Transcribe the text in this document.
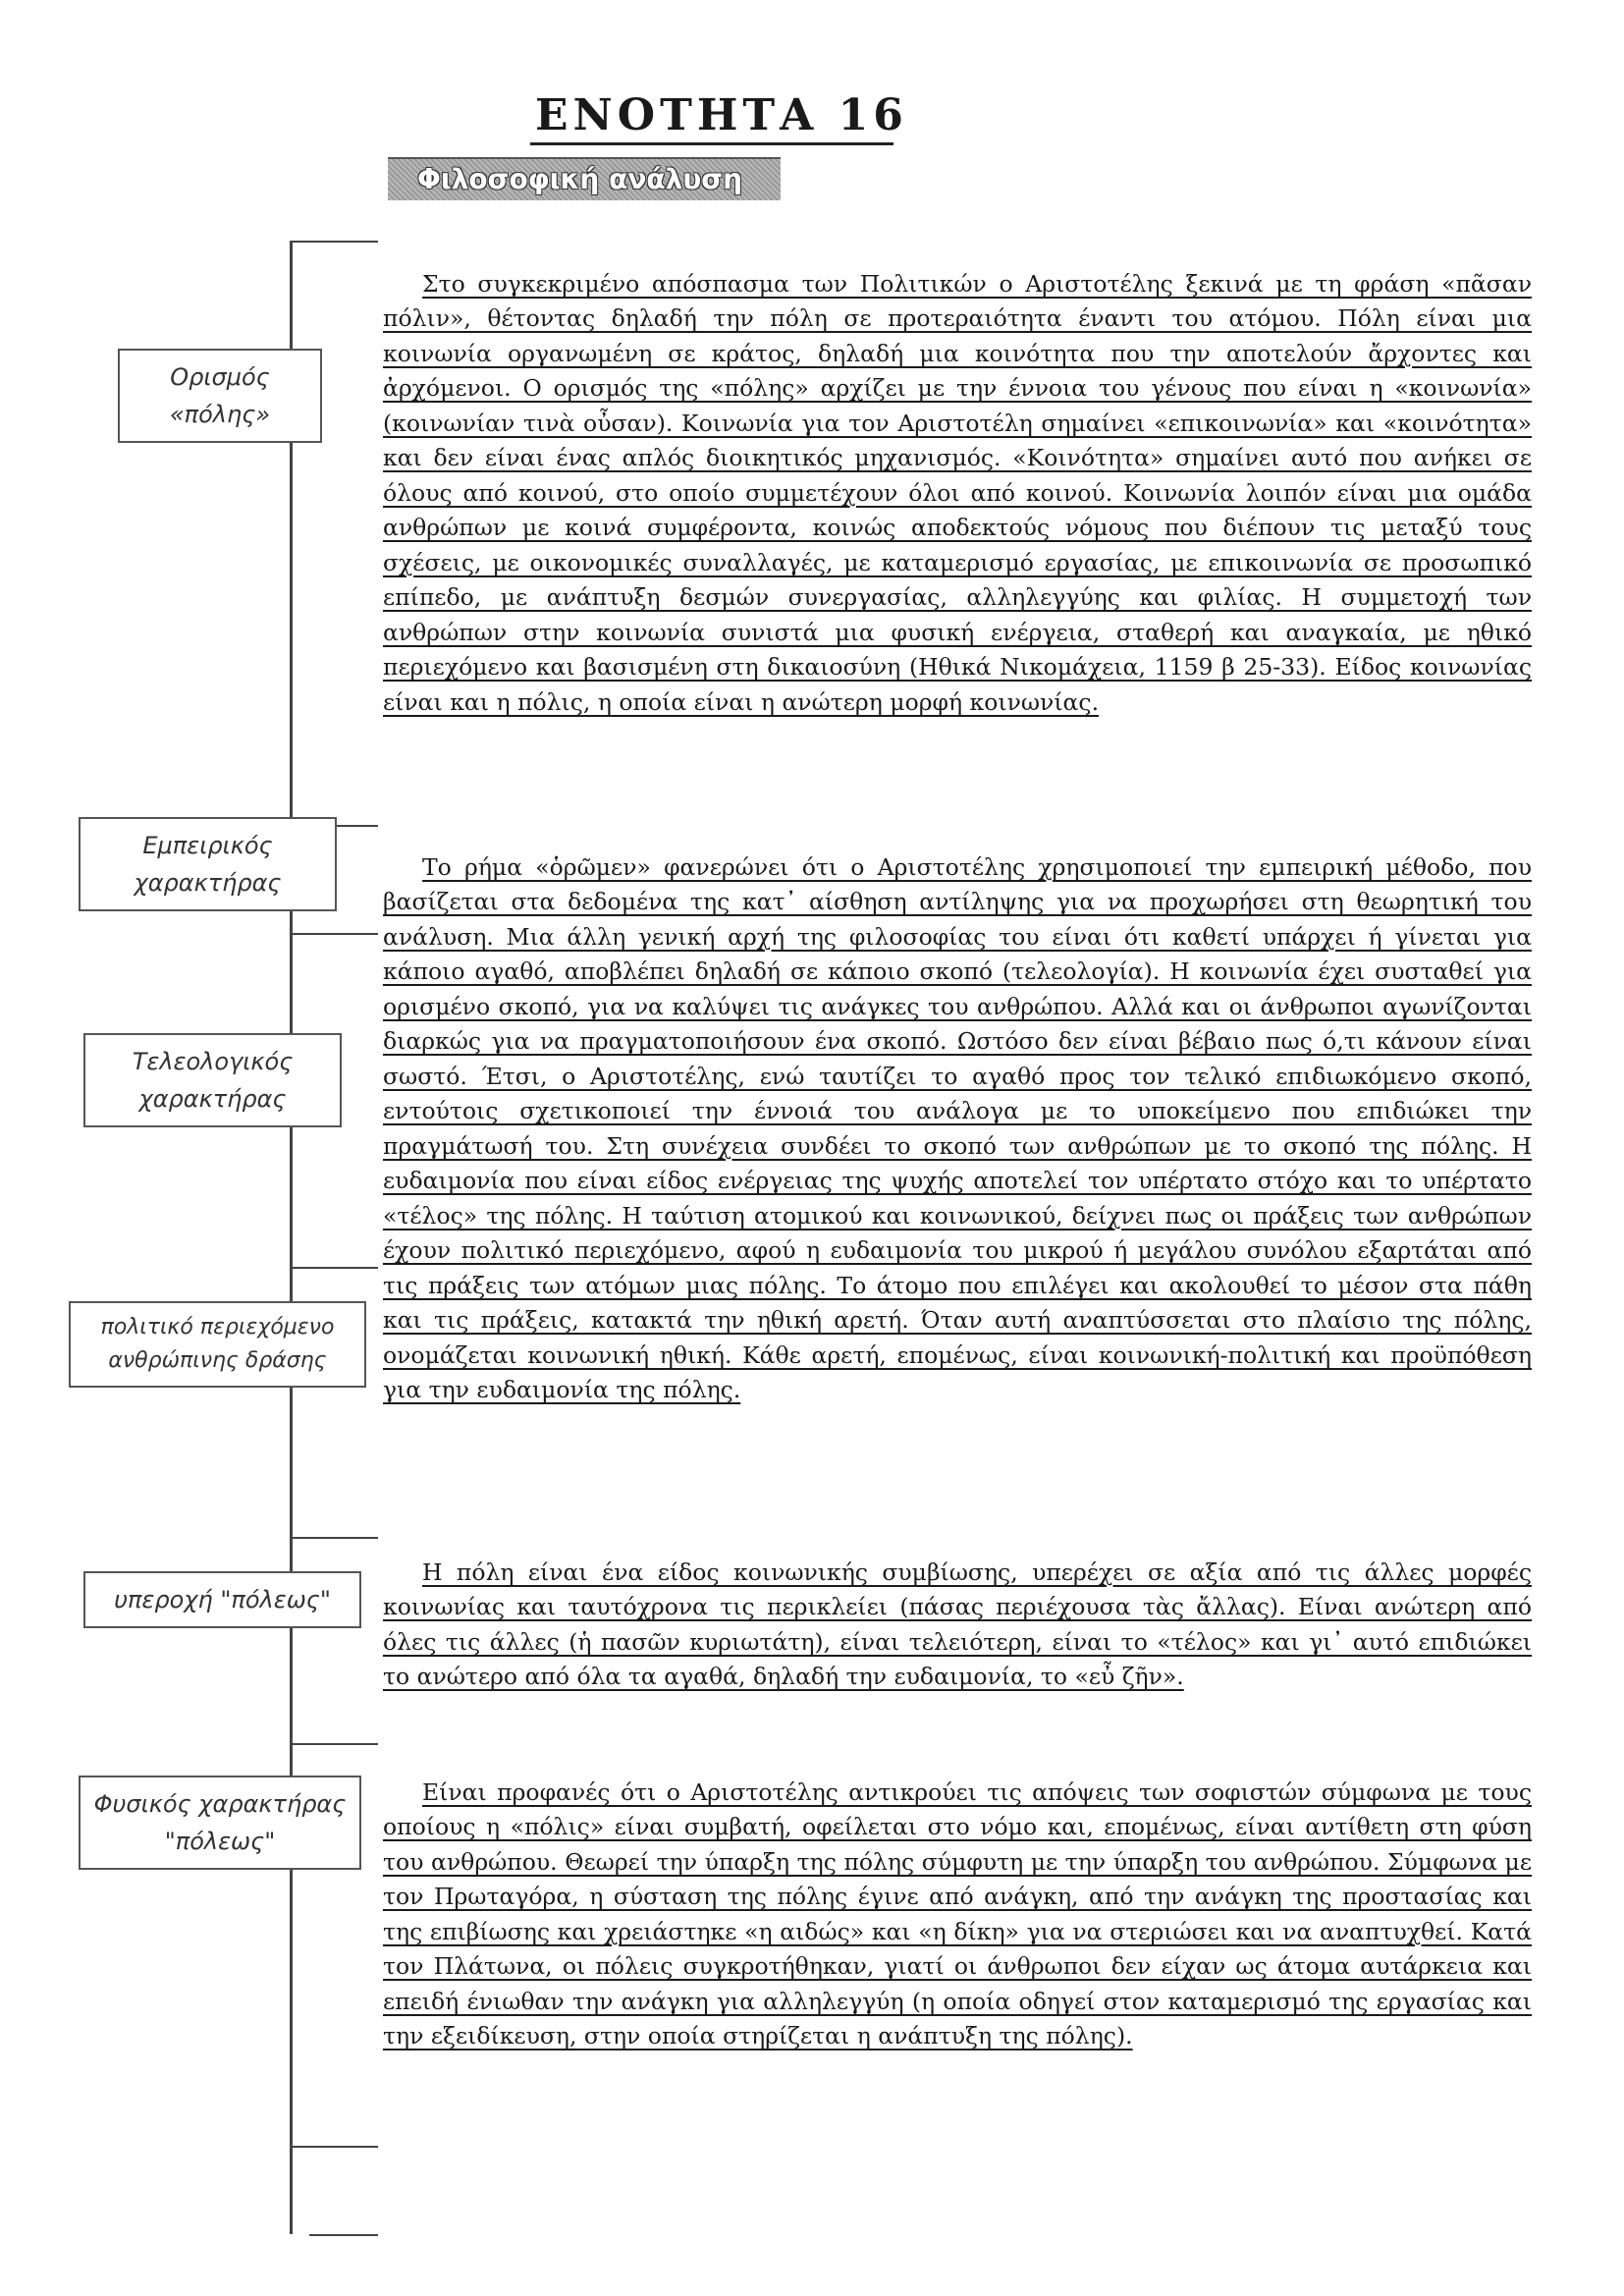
ΕΝΟΤΗΤΑ 16
Φιλοσοφική ανάλυση
Ορισμός «πόλης»
Εμπειρικός χαρακτήρας
Τελεολογικός χαρακτήρας
πολιτικό περιεχόμενο ανθρώπινης δράσης
υπεροχή "πόλεως"
Φυσικός χαρακτήρας "πόλεως"

Στο συγκεκριμένο απόσπασμα των Πολιτικών ο Αριστοτέλης ξεκινά με τη φράση «πᾶσαν πόλιν», θέτοντας δηλαδή την πόλη σε προτεραιότητα έναντι του ατόμου. Πόλη είναι μια κοινωνία οργανωμένη σε κράτος, δηλαδή μια κοινότητα που την αποτελούν ἄρχοντες και ἀρχόμενοι. Ο ορισμός της «πόλης» αρχίζει με την έννοια του γένους που είναι η «κοινωνία» (κοινωνίαν τινὰ οὖσαν). Κοινωνία για τον Αριστοτέλη σημαίνει «επικοινωνία» και «κοινότητα» και δεν είναι ένας απλός διοικητικός μηχανισμός. «Κοινότητα» σημαίνει αυτό που ανήκει σε όλους από κοινού, στο οποίο συμμετέχουν όλοι από κοινού. Κοινωνία λοιπόν είναι μια ομάδα ανθρώπων με κοινά συμφέροντα, κοινώς αποδεκτούς νόμους που διέπουν τις μεταξύ τους σχέσεις, με οικονομικές συναλλαγές, με καταμερισμό εργασίας, με επικοινωνία σε προσωπικό επίπεδο, με ανάπτυξη δεσμών συνεργασίας, αλληλεγγύης και φιλίας. Η συμμετοχή των ανθρώπων στην κοινωνία συνιστά μια φυσική ενέργεια, σταθερή και αναγκαία, με ηθικό περιεχόμενο και βασισμένη στη δικαιοσύνη (Ηθικά Νικομάχεια, 1159 β 25-33). Είδος κοινωνίας είναι και η πόλις, η οποία είναι η ανώτερη μορφή κοινωνίας.

Το ρήμα «ὁρῶμεν» φανερώνει ότι ο Αριστοτέλης χρησιμοποιεί την εμπειρική μέθοδο, που βασίζεται στα δεδομένα της κατ᾽ αίσθηση αντίληψης για να προχωρήσει στη θεωρητική του ανάλυση. Μια άλλη γενική αρχή της φιλοσοφίας του είναι ότι καθετί υπάρχει ή γίνεται για κάποιο αγαθό, αποβλέπει δηλαδή σε κάποιο σκοπό (τελεολογία). Η κοινωνία έχει συσταθεί για ορισμένο σκοπό, για να καλύψει τις ανάγκες του ανθρώπου. Αλλά και οι άνθρωποι αγωνίζονται διαρκώς για να πραγματοποιήσουν ένα σκοπό. Ωστόσο δεν είναι βέβαιο πως ό,τι κάνουν είναι σωστό. Έτσι, ο Αριστοτέλης, ενώ ταυτίζει το αγαθό προς τον τελικό επιδιωκόμενο σκοπό, εντούτοις σχετικοποιεί την έννοιά του ανάλογα με το υποκείμενο που επιδιώκει την πραγμάτωσή του. Στη συνέχεια συνδέει το σκοπό των ανθρώπων με το σκοπό της πόλης. Η ευδαιμονία που είναι είδος ενέργειας της ψυχής αποτελεί τον υπέρτατο στόχο και το υπέρτατο «τέλος» της πόλης. Η ταύτιση ατομικού και κοινωνικού, δείχνει πως οι πράξεις των ανθρώπων έχουν πολιτικό περιεχόμενο, αφού η ευδαιμονία του μικρού ή μεγάλου συνόλου εξαρτάται από τις πράξεις των ατόμων μιας πόλης. Το άτομο που επιλέγει και ακολουθεί το μέσον στα πάθη και τις πράξεις, κατακτά την ηθική αρετή. Όταν αυτή αναπτύσσεται στο πλαίσιο της πόλης, ονομάζεται κοινωνική ηθική. Κάθε αρετή, επομένως, είναι κοινωνική-πολιτική και προϋπόθεση για την ευδαιμονία της πόλης.

Η πόλη είναι ένα είδος κοινωνικής συμβίωσης, υπερέχει σε αξία από τις άλλες μορφές κοινωνίας και ταυτόχρονα τις περικλείει (πάσας περιέχουσα τὰς ἄλλας). Είναι ανώτερη από όλες τις άλλες (ἡ πασῶν κυριωτάτη), είναι τελειότερη, είναι το «τέλος» και γι᾽ αυτό επιδιώκει το ανώτερο από όλα τα αγαθά, δηλαδή την ευδαιμονία, το «εὖ ζῆν».

Είναι προφανές ότι ο Αριστοτέλης αντικρούει τις απόψεις των σοφιστών σύμφωνα με τους οποίους η «πόλις» είναι συμβατή, οφείλεται στο νόμο και, επομένως, είναι αντίθετη στη φύση του ανθρώπου. Θεωρεί την ύπαρξη της πόλης σύμφυτη με την ύπαρξη του ανθρώπου. Σύμφωνα με τον Πρωταγόρα, η σύσταση της πόλης έγινε από ανάγκη, από την ανάγκη της προστασίας και της επιβίωσης και χρειάστηκε «η αιδώς» και «η δίκη» για να στεριώσει και να αναπτυχθεί. Κατά τον Πλάτωνα, οι πόλεις συγκροτήθηκαν, γιατί οι άνθρωποι δεν είχαν ως άτομα αυτάρκεια και επειδή ένιωθαν την ανάγκη για αλληλεγγύη (η οποία οδηγεί στον καταμερισμό της εργασίας και την εξειδίκευση, στην οποία στηρίζεται η ανάπτυξη της πόλης).
